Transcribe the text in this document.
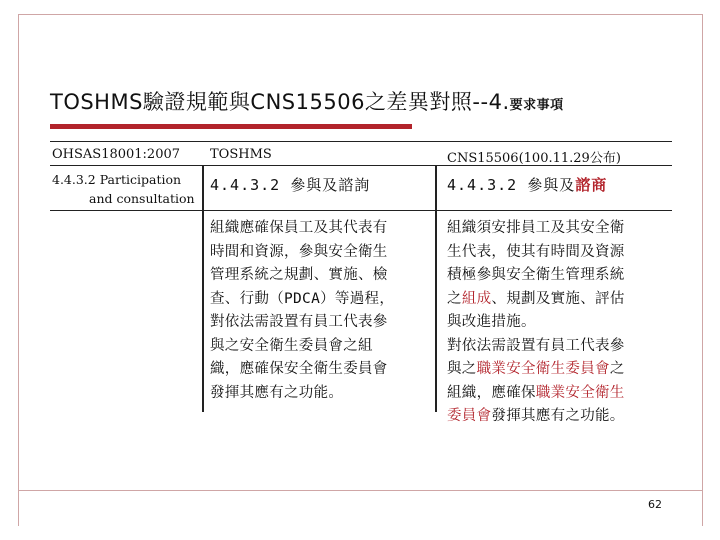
TOSHMS驗證規範與CNS15506之差異對照--4.要求事項
OHSAS18001:2007 TOSHMS	CNS15506(100.11.29公布)
4.4.3.2 Participation
and consultation
4.4.3.2 參與及諮詢	4.4.3.2 參與及諮商
組織應確保員工及其代表有
時間和資源，參與安全衛生
管理系統之規劃、實施、檢
查、行動（PDCA）等過程，
對依法需設置有員工代表參
與之安全衛生委員會之組
織，應確保安全衛生委員會
發揮其應有之功能。
組織須安排員工及其安全衛
生代表，使其有時間及資源
積極參與安全衛生管理系統
之組成、規劃及實施、評估
與改進措施。
對依法需設置有員工代表參
與之職業安全衛生委員會之
組織，應確保職業安全衛生
委員會發揮其應有之功能。
62
